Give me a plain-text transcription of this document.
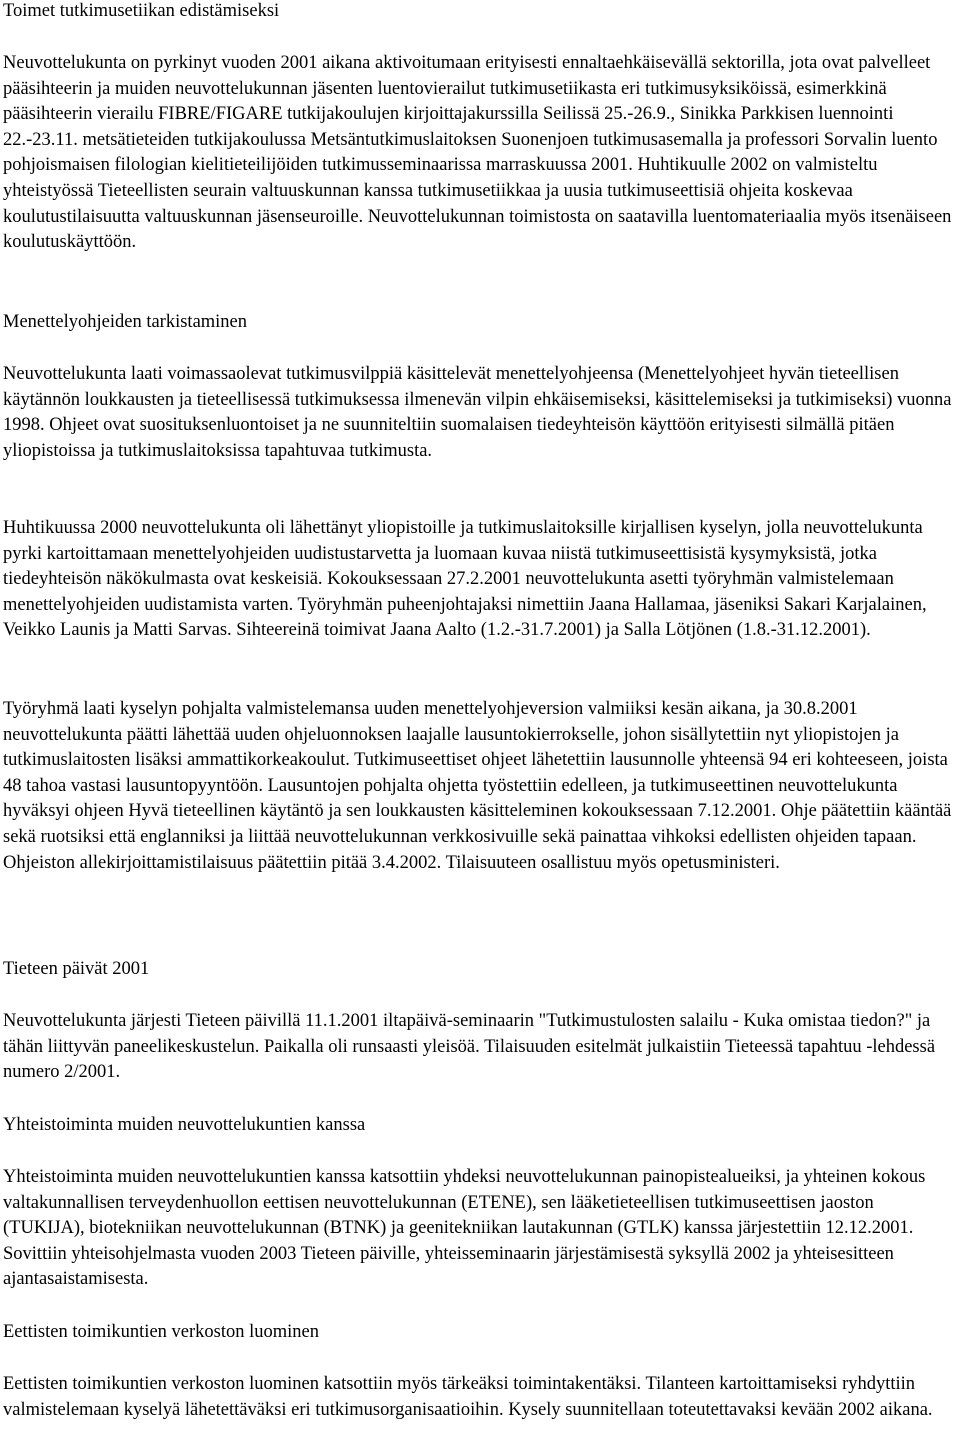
Toimet tutkimusetiikan edistämiseksi

Neuvottelukunta on pyrkinyt vuoden 2001 aikana aktivoitumaan erityisesti ennaltaehkäisevällä sektorilla, jota ovat palvelleet pääsihteerin ja muiden neuvottelukunnan jäsenten luentovierailut tutkimusetiikasta eri tutkimusyksiköissä, esimerkkinä pääsihteerin vierailu FIBRE/FIGARE tutkijakoulujen kirjoittajakurssilla Seilissä 25.-26.9., Sinikka Parkkisen luennointi 22.-23.11. metsätieteiden tutkijakoulussa Metsäntutkimuslaitoksen Suonenjoen tutkimusasemalla ja professori Sorvalin luento pohjoismaisen filologian kielitieteilijöiden tutkimusseminaarissa marraskuussa 2001. Huhtikuulle 2002 on valmisteltu yhteistyössä Tieteellisten seurain valtuuskunnan kanssa tutkimusetiikkaa ja uusia tutkimuseettisiä ohjeita koskevaa koulutustilaisuutta valtuuskunnan jäsenseuroille. Neuvottelukunnan toimistosta on saatavilla luentomateriaalia myös itsenäiseen koulutuskäyttöön.

Menettelyohjeiden tarkistaminen

Neuvottelukunta laati voimassaolevat tutkimusvilppiä käsittelevät menettelyohjeensa (Menettelyohjeet hyvän tieteellisen käytännön loukkausten ja tieteellisessä tutkimuksessa ilmenevän vilpin ehkäisemiseksi, käsittelemiseksi ja tutkimiseksi) vuonna 1998. Ohjeet ovat suosituksenluontoiset ja ne suunniteltiin suomalaisen tiedeyhteisön käyttöön erityisesti silmällä pitäen yliopistoissa ja tutkimuslaitoksissa tapahtuvaa tutkimusta.

Huhtikuussa 2000 neuvottelukunta oli lähettänyt yliopistoille ja tutkimuslaitoksille kirjallisen kyselyn, jolla neuvottelukunta pyrki kartoittamaan menettelyohjeiden uudistustarvetta ja luomaan kuvaa niistä tutkimuseettisistä kysymyksistä, jotka tiedeyhteisön näkökulmasta ovat keskeisiä. Kokouksessaan 27.2.2001 neuvottelukunta asetti työryhmän valmistelemaan menettelyohjeiden uudistamista varten. Työryhmän puheenjohtajaksi nimettiin Jaana Hallamaa, jäseniksi Sakari Karjalainen, Veikko Launis ja Matti Sarvas. Sihteereinä toimivat Jaana Aalto (1.2.-31.7.2001) ja Salla Lötjönen (1.8.-31.12.2001).

Työryhmä laati kyselyn pohjalta valmistelemansa uuden menettelyohjeversion valmiiksi kesän aikana, ja 30.8.2001 neuvottelukunta päätti lähettää uuden ohjeluonnoksen laajalle lausuntokierrokselle, johon sisällytettiin nyt yliopistojen ja tutkimuslaitosten lisäksi ammattikorkeakoulut. Tutkimuseettiset ohjeet lähetettiin lausunnolle yhteensä 94 eri kohteeseen, joista 48 tahoa vastasi lausuntopyyntöön. Lausuntojen pohjalta ohjetta työstettiin edelleen, ja tutkimuseettinen neuvottelukunta hyväksyi ohjeen Hyvä tieteellinen käytäntö ja sen loukkausten käsitteleminen kokouksessaan 7.12.2001. Ohje päätettiin kääntää sekä ruotsiksi että englanniksi ja liittää neuvottelukunnan verkkosivuille sekä painattaa vihkoksi edellisten ohjeiden tapaan. Ohjeiston allekirjoittamistilaisuus päätettiin pitää 3.4.2002. Tilaisuuteen osallistuu myös opetusministeri.

Tieteen päivät 2001

Neuvottelukunta järjesti Tieteen päivillä 11.1.2001 iltapäivä-seminaarin "Tutkimustulosten salailu - Kuka omistaa tiedon?" ja tähän liittyvän paneelikeskustelun. Paikalla oli runsaasti yleisöä. Tilaisuuden esitelmät julkaistiin Tieteessä tapahtuu -lehdessä numero 2/2001.

Yhteistoiminta muiden neuvottelukuntien kanssa

Yhteistoiminta muiden neuvottelukuntien kanssa katsottiin yhdeksi neuvottelukunnan painopistealueiksi, ja yhteinen kokous valtakunnallisen terveydenhuollon eettisen neuvottelukunnan (ETENE), sen lääketieteellisen tutkimuseettisen jaoston (TUKIJA), biotekniikan neuvottelukunnan (BTNK) ja geenitekniikan lautakunnan (GTLK) kanssa järjestettiin 12.12.2001. Sovittiin yhteisohjelmasta vuoden 2003 Tieteen päiville, yhteisseminaarin järjestämisestä syksyllä 2002 ja yhteisesitteen ajantasaistamisesta.

Eettisten toimikuntien verkoston luominen

Eettisten toimikuntien verkoston luominen katsottiin myös tärkeäksi toimintakentäksi. Tilanteen kartoittamiseksi ryhdyttiin valmistelemaan kyselyä lähetettäväksi eri tutkimusorganisaatioihin. Kysely suunnitellaan toteutettavaksi kevään 2002 aikana.
